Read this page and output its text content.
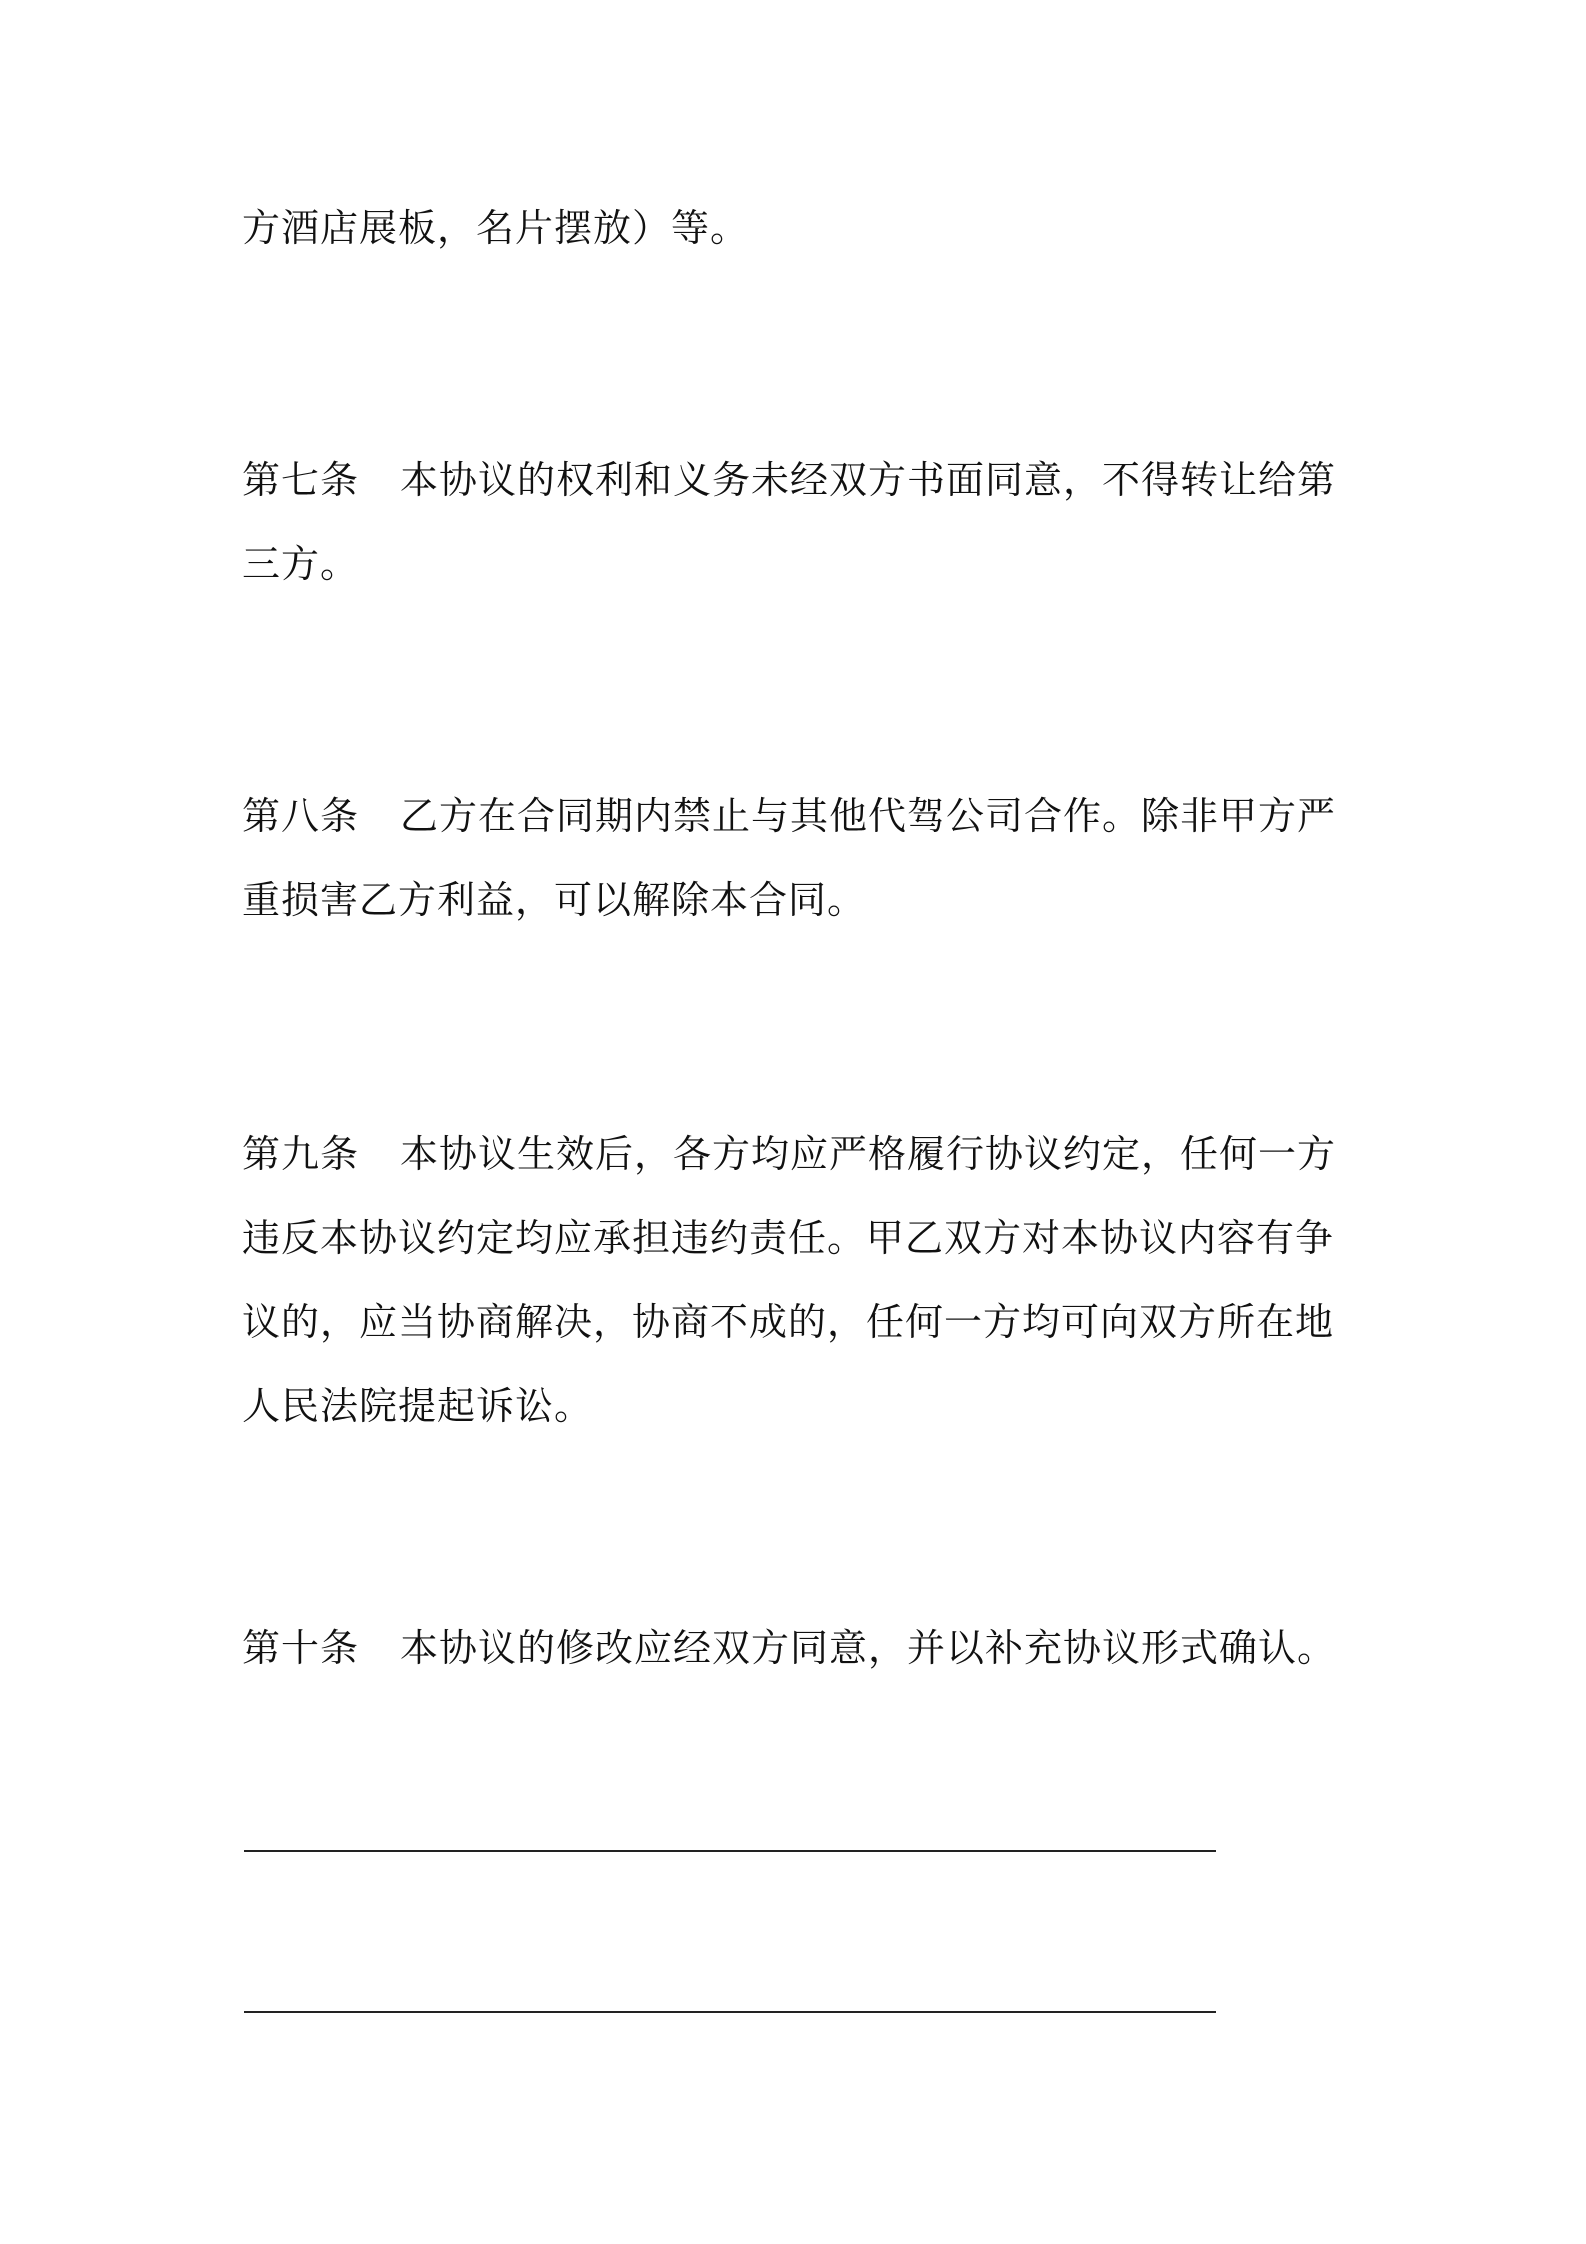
方酒店展板，名片摆放）等。
第七条 本协议的权利和义务未经双方书面同意，不得转让给第
三方。
第八条 乙方在合同期内禁止与其他代驾公司合作。除非甲方严
重损害乙方利益，可以解除本合同。
第九条 本协议生效后，各方均应严格履行协议约定，任何一方
违反本协议约定均应承担违约责任。甲乙双方对本协议内容有争
议的，应当协商解决，协商不成的，任何一方均可向双方所在地
人民法院提起诉讼。
第十条 本协议的修改应经双方同意，并以补充协议形式确认。
